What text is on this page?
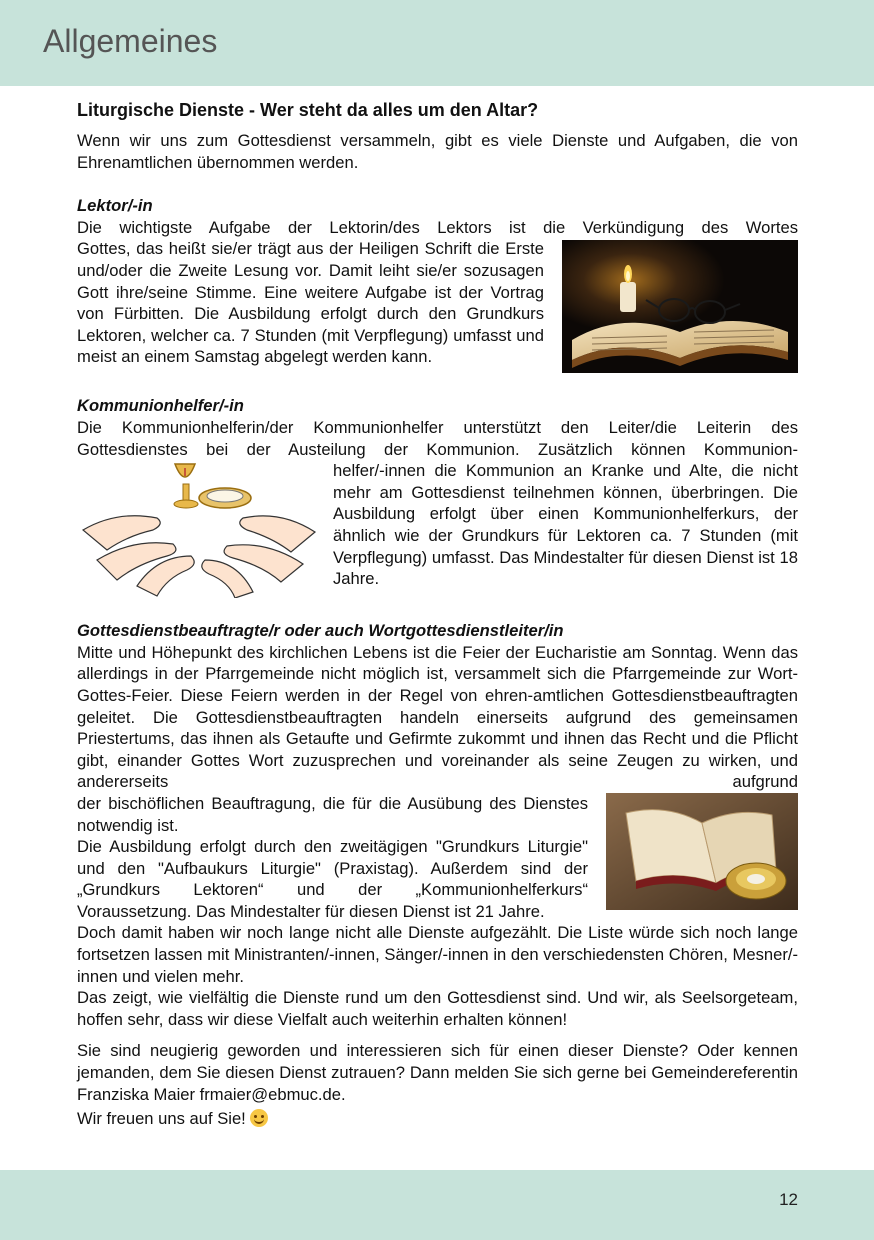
Allgemeines
Liturgische Dienste - Wer steht da alles um den Altar?

Wenn wir uns zum Gottesdienst versammeln, gibt es viele Dienste und Aufgaben, die von Ehrenamtlichen übernommen werden.

Lektor/-in

Die wichtigste Aufgabe der Lektorin/des Lektors ist die Verkündigung des Wortes

Gottes, das heißt sie/er trägt aus der Heiligen Schrift die Erste und/oder die Zweite Lesung vor. Damit leiht sie/er sozusagen Gott ihre/seine Stimme. Eine weitere Aufgabe ist der Vortrag von Fürbitten. Die Ausbildung erfolgt durch den Grundkurs Lektoren, welcher ca. 7 Stunden (mit Verpflegung) umfasst und meist an einem Samstag abgelegt werden kann.

Kommunionhelfer/-in

Die Kommunionhelferin/der Kommunionhelfer unterstützt den Leiter/die Leiterin des Gottesdienstes bei der Austeilung der Kommunion. Zusätzlich können Kommunion-

helfer/-innen die Kommunion an Kranke und Alte, die nicht mehr am Gottesdienst teilnehmen können, überbringen. Die Ausbildung erfolgt über einen Kommunionhelferkurs, der ähnlich wie der Grundkurs für Lektoren ca. 7 Stunden (mit Verpflegung) umfasst. Das Mindestalter für diesen Dienst ist 18 Jahre.

Gottesdienstbeauftragte/r oder auch Wortgottesdienstleiter/in

Mitte und Höhepunkt des kirchlichen Lebens ist die Feier der Eucharistie am Sonntag. Wenn das allerdings in der Pfarrgemeinde nicht möglich ist, versammelt sich die Pfarrgemeinde zur Wort-Gottes-Feier. Diese Feiern werden in der Regel von ehren-amtlichen Gottesdienstbeauftragten geleitet. Die Gottesdienstbeauftragten handeln einerseits aufgrund des gemeinsamen Priestertums, das ihnen als Getaufte und Gefirmte zukommt und ihnen das Recht und die Pflicht gibt, einander Gottes Wort zuzusprechen und voreinander als seine Zeugen zu wirken, und andererseits aufgrund

der bischöflichen Beauftragung, die für die Ausübung des Dienstes notwendig ist.

Die Ausbildung erfolgt durch den zweitägigen "Grundkurs Liturgie" und den "Aufbaukurs Liturgie" (Praxistag). Außerdem sind der „Grundkurs Lektoren“ und der „Kommunionhelferkurs“ Voraussetzung. Das Mindestalter für diesen Dienst ist 21 Jahre.

Doch damit haben wir noch lange nicht alle Dienste aufgezählt. Die Liste würde sich noch lange fortsetzen lassen mit Ministranten/-innen, Sänger/-innen in den verschiedensten Chören, Mesner/-innen und vielen mehr.

Das zeigt, wie vielfältig die Dienste rund um den Gottesdienst sind. Und wir, als Seelsorgeteam, hoffen sehr, dass wir diese Vielfalt auch weiterhin erhalten können!

Sie sind neugierig geworden und interessieren sich für einen dieser Dienste? Oder kennen jemanden, dem Sie diesen Dienst zutrauen? Dann melden Sie sich gerne bei Gemeindereferentin Franziska Maier frmaier@ebmuc.de.

Wir freuen uns auf Sie!

12
